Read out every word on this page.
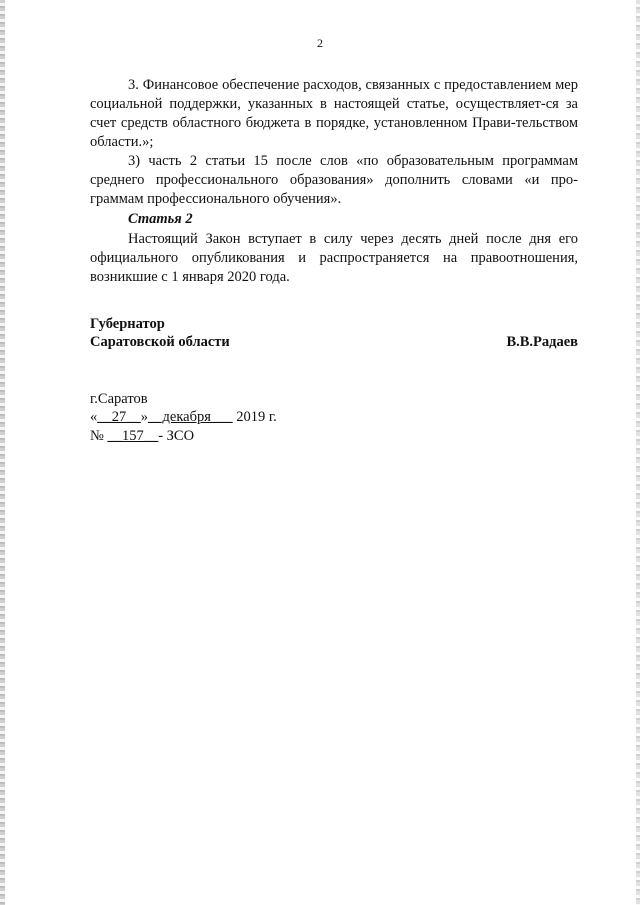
2

3. Финансовое обеспечение расходов, связанных с предоставлением мер социальной поддержки, указанных в настоящей статье, осуществляет-ся за счет средств областного бюджета в порядке, установленном Прави-тельством области.»;

3) часть 2 статьи 15 после слов «по образовательным программам среднего профессионального образования» дополнить словами «и про-граммам профессионального обучения».

Статья 2

Настоящий Закон вступает в силу через десять дней после дня его официального опубликования и распространяется на правоотношения, возникшие с 1 января 2020 года.

Губернатор
Саратовской области	В.В.Радаев
г.Саратов
«__27__»__декабря___ 2019 г.
№ __157__- ЗСО
